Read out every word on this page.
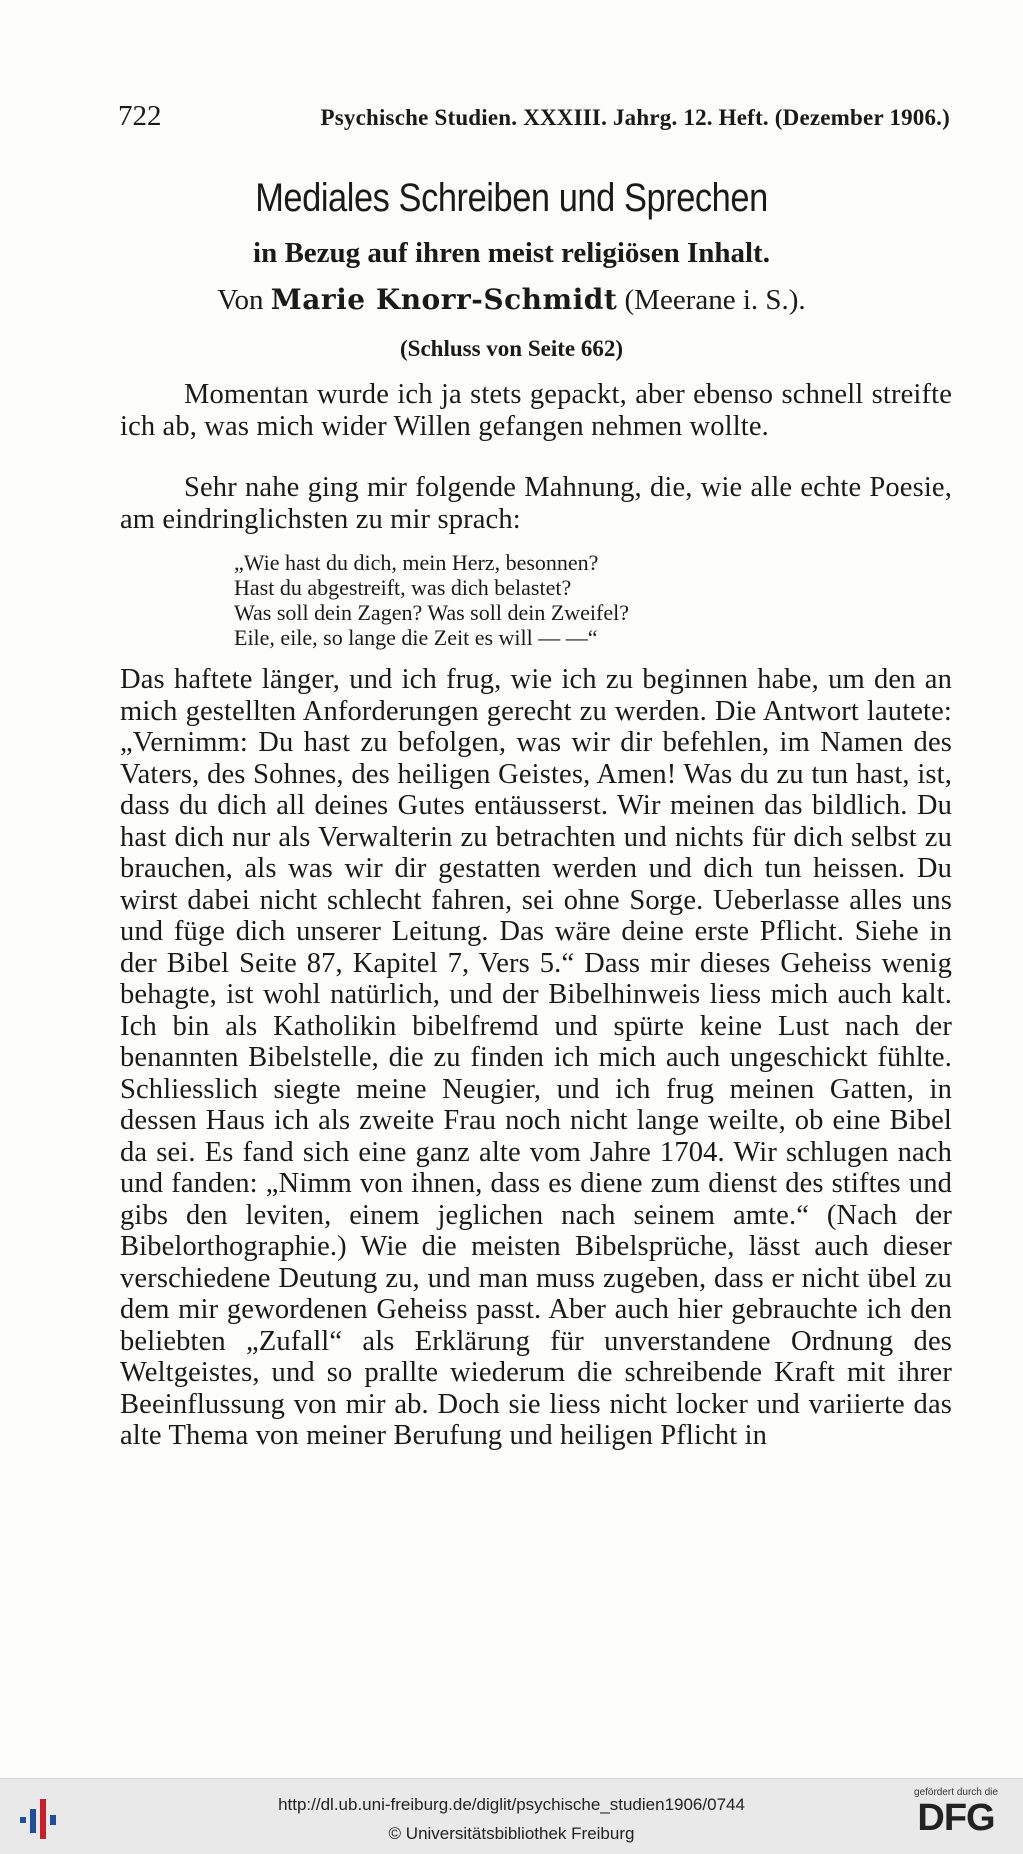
722	Psychische Studien. XXXIII. Jahrg. 12. Heft. (Dezember 1906.)
Mediales Schreiben und Sprechen
in Bezug auf ihren meist religiösen Inhalt.
Von Marie Knorr-Schmidt (Meerane i. S.).
(Schluss von Seite 662)
Momentan wurde ich ja stets gepackt, aber ebenso schnell streifte ich ab, was mich wider Willen gefangen nehmen wollte.
Sehr nahe ging mir folgende Mahnung, die, wie alle echte Poesie, am eindringlichsten zu mir sprach:
„Wie hast du dich, mein Herz, besonnen?
Hast du abgestreift, was dich belastet?
Was soll dein Zagen? Was soll dein Zweifel?
Eile, eile, so lange die Zeit es will — —“
Das haftete länger, und ich frug, wie ich zu beginnen habe, um den an mich gestellten Anforderungen gerecht zu werden. Die Antwort lautete: „Vernimm: Du hast zu befolgen, was wir dir befehlen, im Namen des Vaters, des Sohnes, des heiligen Geistes, Amen! Was du zu tun hast, ist, dass du dich all deines Gutes entäusserst. Wir meinen das bildlich. Du hast dich nur als Verwalterin zu betrachten und nichts für dich selbst zu brauchen, als was wir dir gestatten werden und dich tun heissen. Du wirst dabei nicht schlecht fahren, sei ohne Sorge. Ueberlasse alles uns und füge dich unserer Leitung. Das wäre deine erste Pflicht. Siehe in der Bibel Seite 87, Kapitel 7, Vers 5.“ Dass mir dieses Geheiss wenig behagte, ist wohl natürlich, und der Bibelhinweis liess mich auch kalt. Ich bin als Katholikin bibelfremd und spürte keine Lust nach der benannten Bibelstelle, die zu finden ich mich auch ungeschickt fühlte. Schliesslich siegte meine Neugier, und ich frug meinen Gatten, in dessen Haus ich als zweite Frau noch nicht lange weilte, ob eine Bibel da sei. Es fand sich eine ganz alte vom Jahre 1704. Wir schlugen nach und fanden: „Nimm von ihnen, dass es diene zum dienst des stiftes und gibs den leviten, einem jeglichen nach seinem amte.“ (Nach der Bibelorthographie.) Wie die meisten Bibelsprüche, lässt auch dieser verschiedene Deutung zu, und man muss zugeben, dass er nicht übel zu dem mir gewordenen Geheiss passt. Aber auch hier gebrauchte ich den beliebten „Zufall“ als Erklärung für unverstandene Ordnung des Weltgeistes, und so prallte wiederum die schreibende Kraft mit ihrer Beeinflussung von mir ab. Doch sie liess nicht locker und variierte das alte Thema von meiner Berufung und heiligen Pflicht in
http://dl.ub.uni-freiburg.de/diglit/psychische_studien1906/0744
© Universitätsbibliothek Freiburg
gefördert durch die
DFG
